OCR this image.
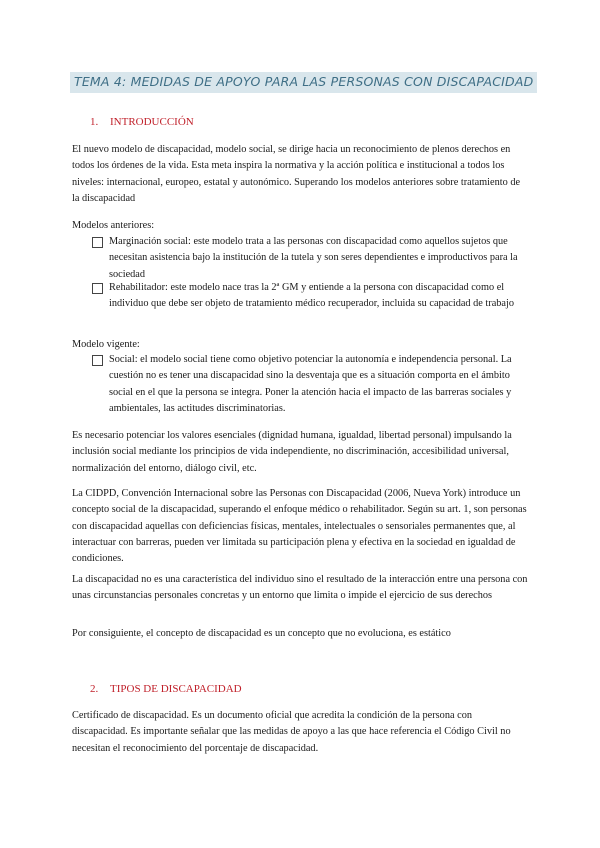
TEMA 4: MEDIDAS DE APOYO PARA LAS PERSONAS CON DISCAPACIDAD
1. INTRODUCCIÓN
El nuevo modelo de discapacidad, modelo social, se dirige hacia un reconocimiento de plenos derechos en todos los órdenes de la vida. Esta meta inspira la normativa y la acción política e institucional a todos los niveles: internacional, europeo, estatal y autonómico. Superando los modelos anteriores sobre tratamiento de la discapacidad
Modelos anteriores:
Marginación social: este modelo trata a las personas con discapacidad como aquellos sujetos que necesitan asistencia bajo la institución de la tutela y son seres dependientes e improductivos para la sociedad
Rehabilitador: este modelo nace tras la 2ª GM y entiende a la persona con discapacidad como el individuo que debe ser objeto de tratamiento médico recuperador, incluida su capacidad de trabajo
Modelo vigente:
Social: el modelo social tiene como objetivo potenciar la autonomía e independencia personal. La cuestión no es tener una discapacidad sino la desventaja que es a situación comporta en el ámbito social en el que la persona se integra. Poner la atención hacia el impacto de las barreras sociales y ambientales, las actitudes discriminatorias.
Es necesario potenciar los valores esenciales (dignidad humana, igualdad, libertad personal) impulsando la inclusión social mediante los principios de vida independiente, no discriminación, accesibilidad universal, normalización del entorno, diálogo civil, etc.
La CIDPD, Convención Internacional sobre las Personas con Discapacidad (2006, Nueva York) introduce un concepto social de la discapacidad, superando el enfoque médico o rehabilitador. Según su art. 1, son personas con discapacidad aquellas con deficiencias físicas, mentales, intelectuales o sensoriales permanentes que, al interactuar con barreras, pueden ver limitada su participación plena y efectiva en la sociedad en igualdad de condiciones.
La discapacidad no es una característica del individuo sino el resultado de la interacción entre una persona con unas circunstancias personales concretas y un entorno que limita o impide el ejercicio de sus derechos
Por consiguiente, el concepto de discapacidad es un concepto que no evoluciona, es estático
2. TIPOS DE DISCAPACIDAD
Certificado de discapacidad. Es un documento oficial que acredita la condición de la persona con discapacidad. Es importante señalar que las medidas de apoyo a las que hace referencia el Código Civil no necesitan el reconocimiento del porcentaje de discapacidad.
